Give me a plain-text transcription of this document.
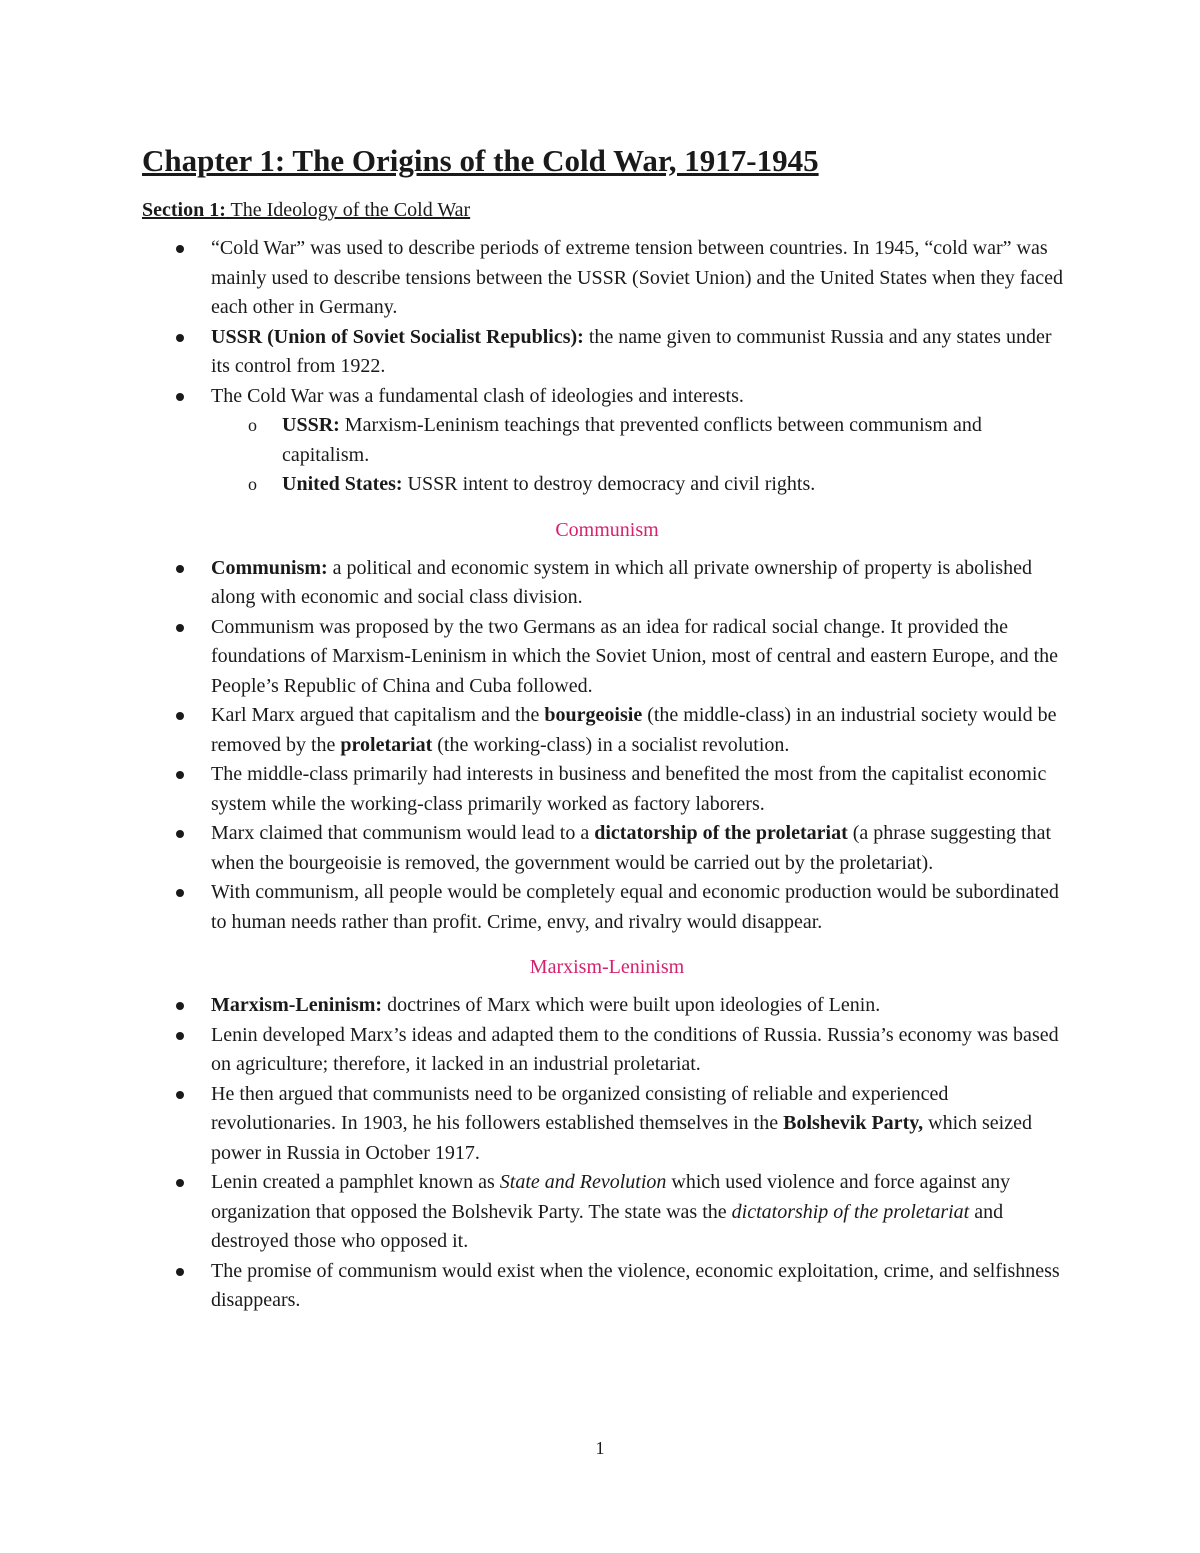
Chapter 1: The Origins of the Cold War, 1917-1945
Section 1: The Ideology of the Cold War
“Cold War” was used to describe periods of extreme tension between countries. In 1945, “cold war” was mainly used to describe tensions between the USSR (Soviet Union) and the United States when they faced each other in Germany.
USSR (Union of Soviet Socialist Republics): the name given to communist Russia and any states under its control from 1922.
The Cold War was a fundamental clash of ideologies and interests.
o USSR: Marxism-Leninism teachings that prevented conflicts between communism and capitalism.
o United States: USSR intent to destroy democracy and civil rights.
Communism
Communism: a political and economic system in which all private ownership of property is abolished along with economic and social class division.
Communism was proposed by the two Germans as an idea for radical social change. It provided the foundations of Marxism-Leninism in which the Soviet Union, most of central and eastern Europe, and the People’s Republic of China and Cuba followed.
Karl Marx argued that capitalism and the bourgeoisie (the middle-class) in an industrial society would be removed by the proletariat (the working-class) in a socialist revolution.
The middle-class primarily had interests in business and benefited the most from the capitalist economic system while the working-class primarily worked as factory laborers.
Marx claimed that communism would lead to a dictatorship of the proletariat (a phrase suggesting that when the bourgeoisie is removed, the government would be carried out by the proletariat).
With communism, all people would be completely equal and economic production would be subordinated to human needs rather than profit. Crime, envy, and rivalry would disappear.
Marxism-Leninism
Marxism-Leninism: doctrines of Marx which were built upon ideologies of Lenin.
Lenin developed Marx’s ideas and adapted them to the conditions of Russia. Russia’s economy was based on agriculture; therefore, it lacked in an industrial proletariat.
He then argued that communists need to be organized consisting of reliable and experienced revolutionaries. In 1903, he his followers established themselves in the Bolshevik Party, which seized power in Russia in October 1917.
Lenin created a pamphlet known as State and Revolution which used violence and force against any organization that opposed the Bolshevik Party. The state was the dictatorship of the proletariat and destroyed those who opposed it.
The promise of communism would exist when the violence, economic exploitation, crime, and selfishness disappears.
1
